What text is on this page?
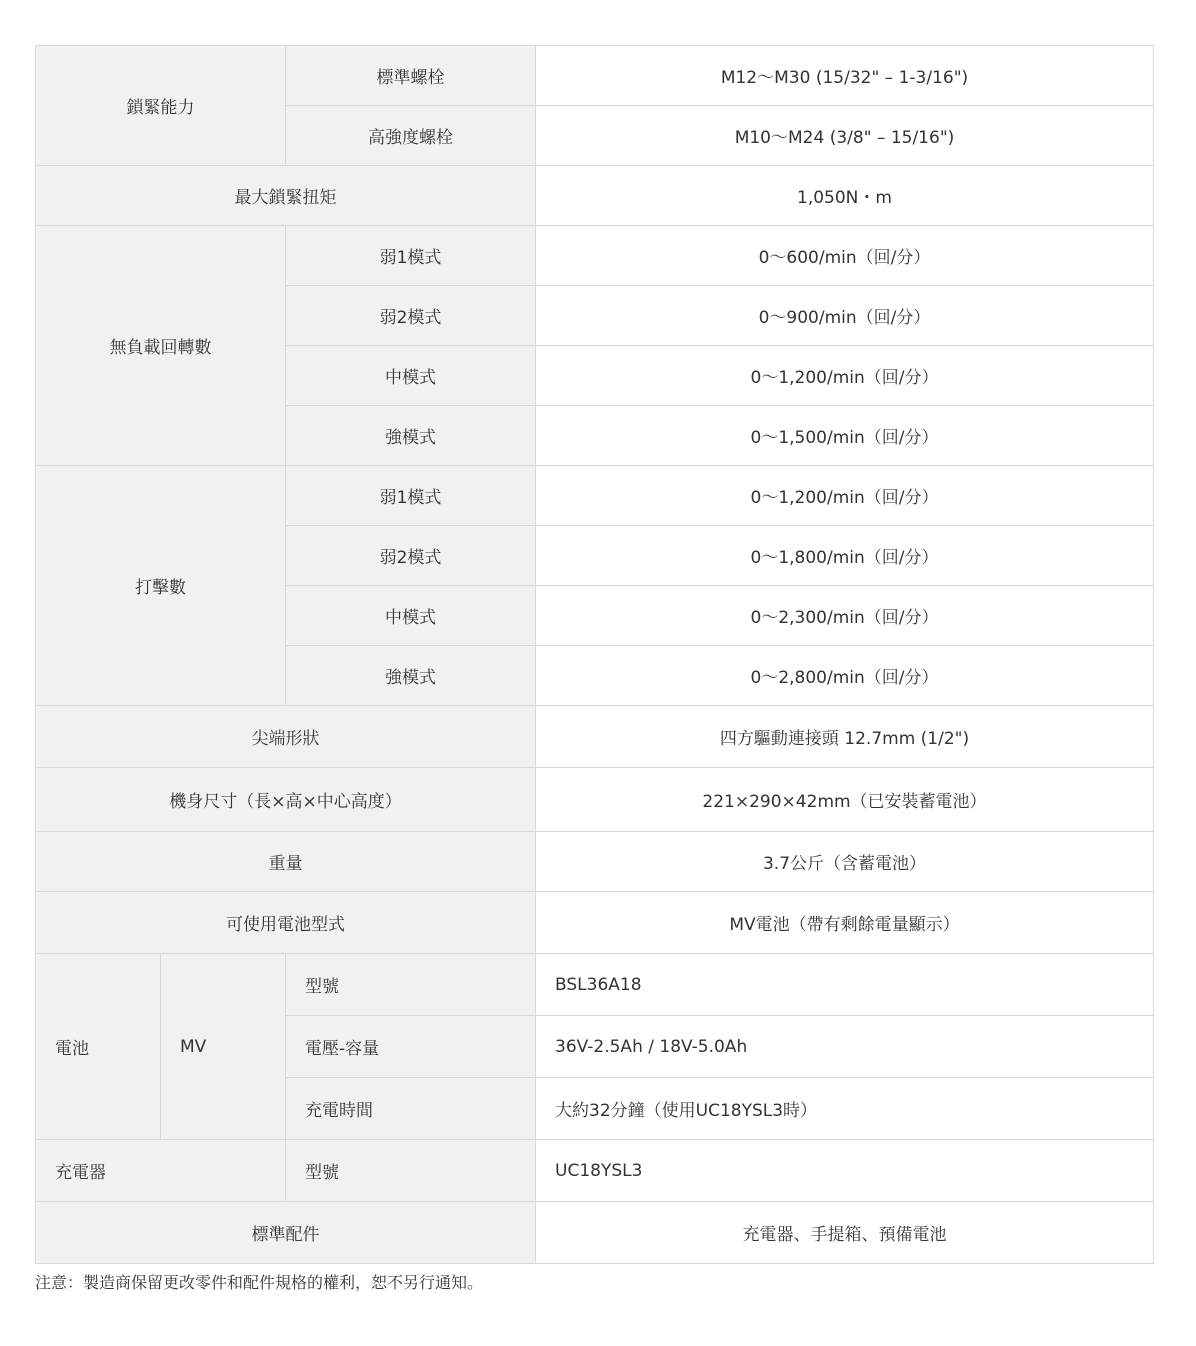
鎖緊能力		標準螺栓	M12～M30 (15/32" – 1-3/16")
		高強度螺栓	M10～M24 (3/8" – 15/16")
最大鎖緊扭矩			1,050N・m
無負載回轉數		弱1模式	0～600/min（回/分）
		弱2模式	0～900/min（回/分）
		中模式	0～1,200/min（回/分）
		強模式	0～1,500/min（回/分）
打擊數		弱1模式	0～1,200/min（回/分）
		弱2模式	0～1,800/min（回/分）
		中模式	0～2,300/min（回/分）
		強模式	0～2,800/min（回/分）
尖端形狀			四方驅動連接頭 12.7mm (1/2")
機身尺寸（長×高×中心高度）			221×290×42mm（已安裝蓄電池）
重量			3.7公斤（含蓄電池）
可使用電池型式			MV電池（帶有剩餘電量顯示）
電池	MV	型號	BSL36A18
		電壓-容量	36V-2.5Ah / 18V-5.0Ah
		充電時間	大約32分鐘（使用UC18YSL3時）
充電器		型號	UC18YSL3
標準配件			充電器、手提箱、預備電池
注意：製造商保留更改零件和配件規格的權利，恕不另行通知。
